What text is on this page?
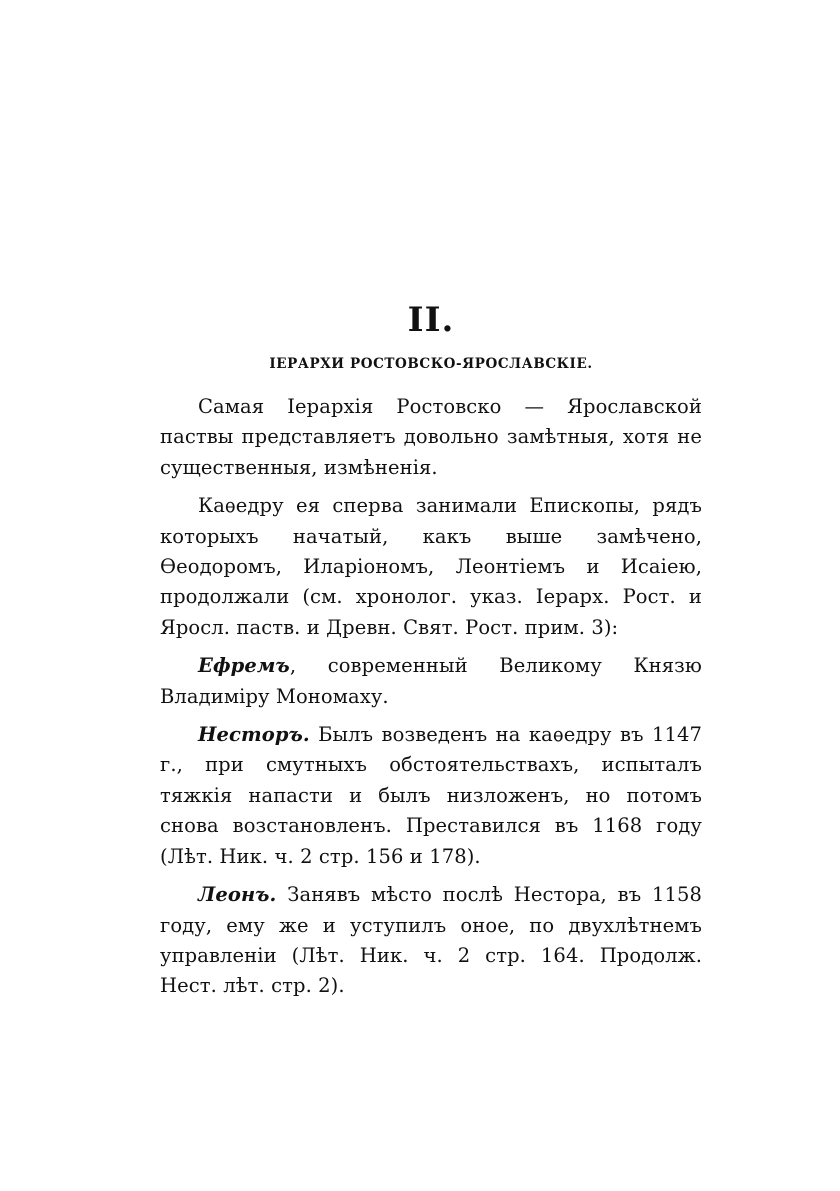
II.
ІЕРАРХИ РОСТОВСКО-ЯРОСЛАВСКІЕ.

Самая Іерархія Ростовско — Ярославской паствы представляетъ довольно замѣтныя, хотя не существенныя, измѣненія.

Каѳедру ея сперва занимали Епископы, рядъ которыхъ начатый, какъ выше замѣчено, Ѳеодоромъ, Иларіономъ, Леонтіемъ и Исаіею, продолжали (см. хронолог. указ. Іерарх. Рост. и Яросл. паств. и Древн. Свят. Рост. прим. 3):

Ефремъ, современный Великому Князю Владиміру Мономаху.

Несторъ. Былъ возведенъ на каѳедру въ 1147 г., при смутныхъ обстоятельствахъ, испыталъ тяжкія напасти и былъ низложенъ, но потомъ снова возстановленъ. Преставился въ 1168 году (Лѣт. Ник. ч. 2 стр. 156 и 178).

Леонъ. Занявъ мѣсто послѣ Нестора, въ 1158 году, ему же и уступилъ оное, по двухлѣтнемъ управленіи (Лѣт. Ник. ч. 2 стр. 164. Продолж. Нест. лѣт. стр. 2).
